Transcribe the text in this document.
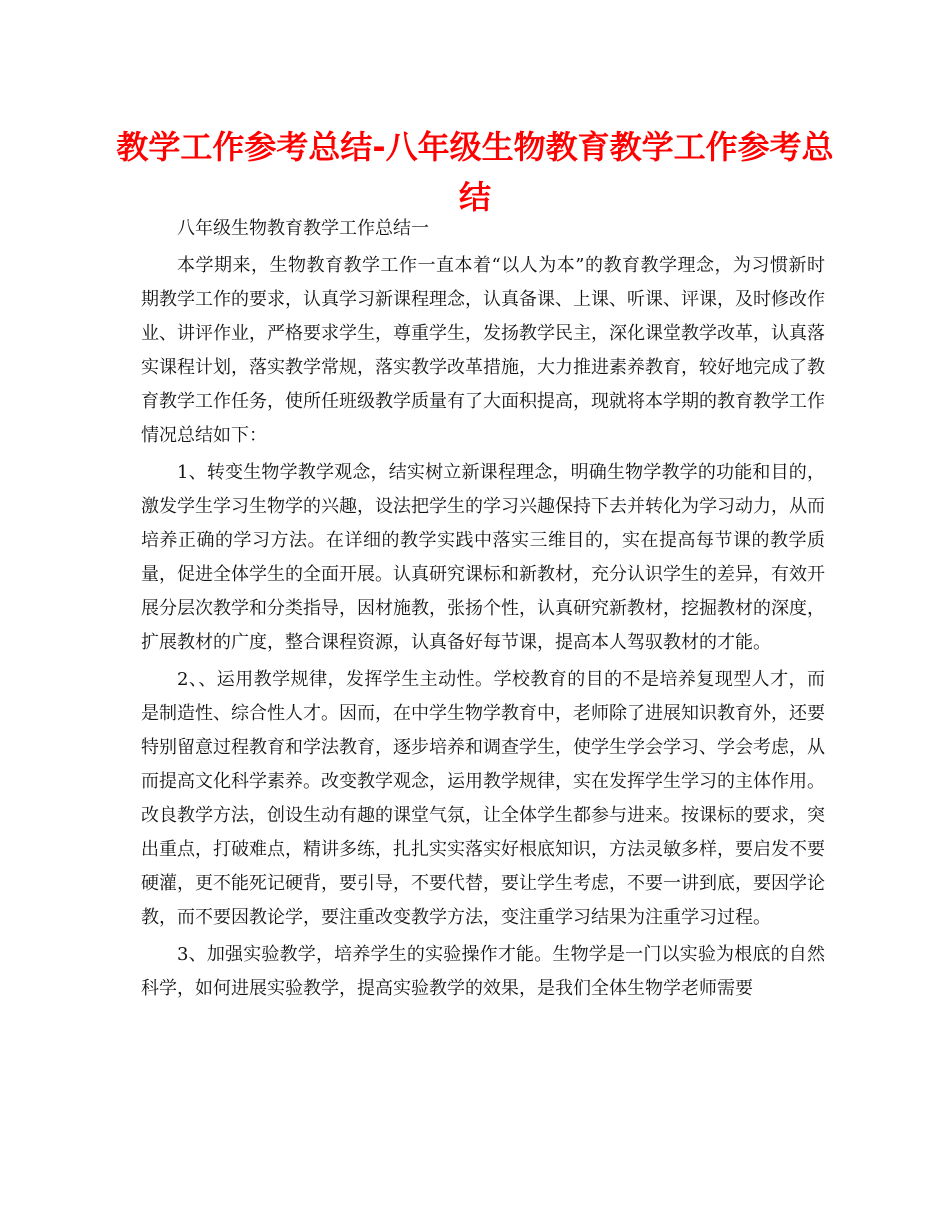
教学工作参考总结-八年级生物教育教学工作参考总结

八年级生物教育教学工作总结一

本学期来，生物教育教学工作一直本着“以人为本”的教育教学理念，为习惯新时期教学工作的要求，认真学习新课程理念，认真备课、上课、听课、评课，及时修改作业、讲评作业，严格要求学生，尊重学生，发扬教学民主，深化课堂教学改革，认真落实课程计划，落实教学常规，落实教学改革措施，大力推进素养教育，较好地完成了教育教学工作任务，使所任班级教学质量有了大面积提高，现就将本学期的教育教学工作情况总结如下：

1、转变生物学教学观念，结实树立新课程理念，明确生物学教学的功能和目的，激发学生学习生物学的兴趣，设法把学生的学习兴趣保持下去并转化为学习动力，从而培养正确的学习方法。在详细的教学实践中落实三维目的，实在提高每节课的教学质量，促进全体学生的全面开展。认真研究课标和新教材，充分认识学生的差异，有效开展分层次教学和分类指导，因材施教，张扬个性，认真研究新教材，挖掘教材的深度，扩展教材的广度，整合课程资源，认真备好每节课，提高本人驾驭教材的才能。

2、、运用教学规律，发挥学生主动性。学校教育的目的不是培养复现型人才，而是制造性、综合性人才。因而，在中学生物学教育中，老师除了进展知识教育外，还要特别留意过程教育和学法教育，逐步培养和调查学生，使学生学会学习、学会考虑，从而提高文化科学素养。改变教学观念，运用教学规律，实在发挥学生学习的主体作用。改良教学方法，创设生动有趣的课堂气氛，让全体学生都参与进来。按课标的要求，突出重点，打破难点，精讲多练，扎扎实实落实好根底知识，方法灵敏多样，要启发不要硬灌，更不能死记硬背，要引导，不要代替，要让学生考虑，不要一讲到底，要因学论教，而不要因教论学，要注重改变教学方法，变注重学习结果为注重学习过程。

3、加强实验教学，培养学生的实验操作才能。生物学是一门以实验为根底的自然科学，如何进展实验教学，提高实验教学的效果，是我们全体生物学老师需要
